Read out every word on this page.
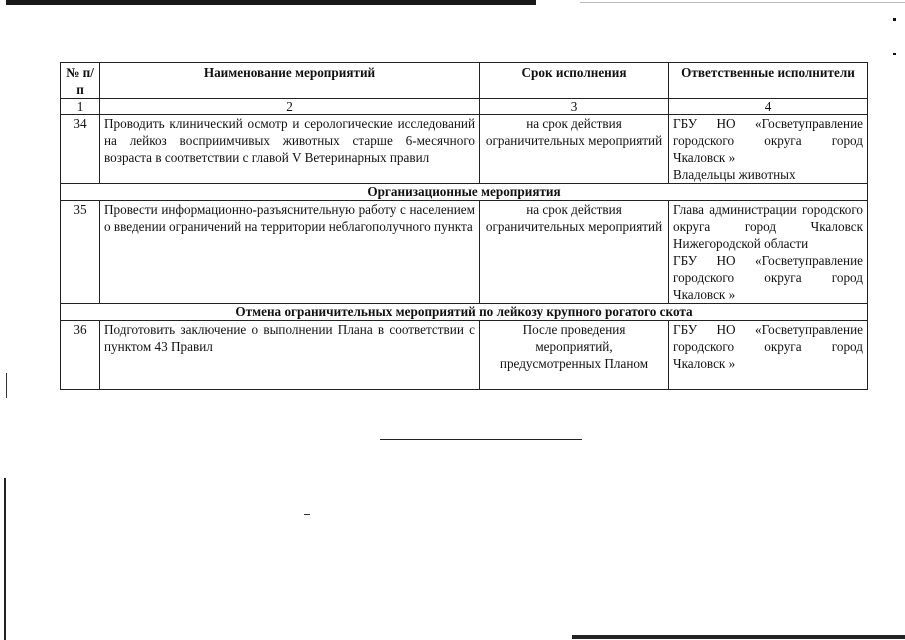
№ п/п	Наименование мероприятий	Срок исполнения	Ответственные исполнители
1	2	3	4
34	Проводить клинический осмотр и серологические исследований на лейкоз восприимчивых животных старше 6-месячного возраста в соответствии с главой V Ветеринарных правил	на срок действия ограничительных мероприятий	ГБУ НО «Госветуправление городского округа город Чкаловск »
Владельцы животных

Организационные мероприятия			
35	Провести информационно-разъяснительную работу с населением о введении ограничений на территории неблагополучного пункта	на срок действия ограничительных мероприятий	Глава администрации городского округа город Чкаловск Нижегородской области
ГБУ НО «Госветуправление городского округа город Чкаловск »

Отмена ограничительных мероприятий по лейкозу крупного рогатого скота			
36	Подготовить заключение о выполнении Плана в соответствии с пунктом 43 Правил	После проведения мероприятий, предусмотренных Планом	ГБУ НО «Госветуправление городского округа город Чкаловск »
